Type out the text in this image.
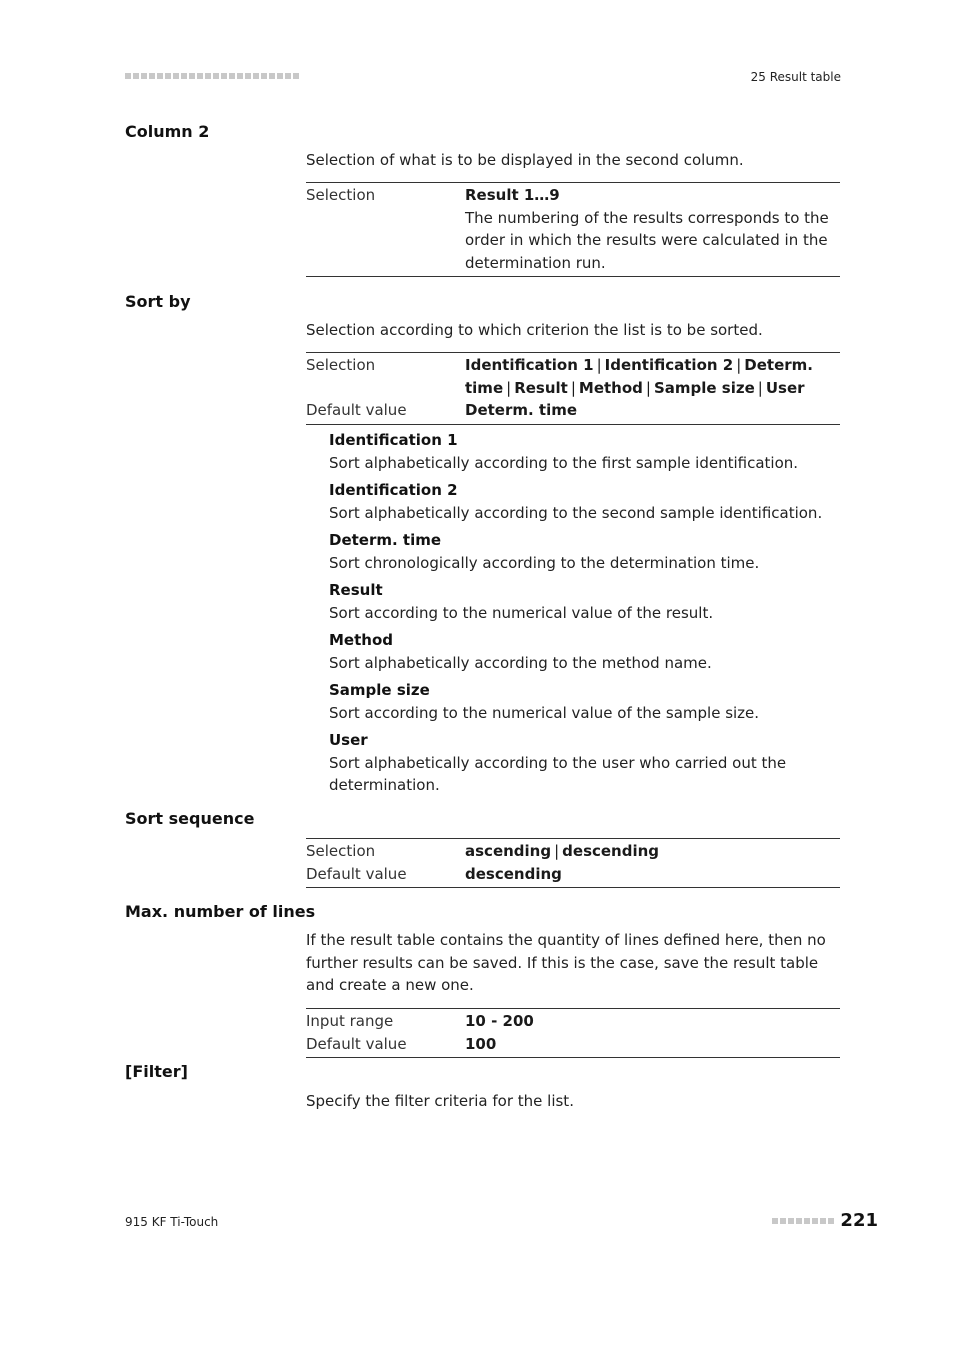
25 Result table
Column 2
Selection of what is to be displayed in the second column.
Selection	Result 1…9
The numbering of the results corresponds to the order in which the results were calculated in the determination run.
Sort by
Selection according to which criterion the list is to be sorted.
Selection	Identification 1 | Identification 2 | Determ. time | Result | Method | Sample size | User
Default value	Determ. time
Identification 1
Sort alphabetically according to the first sample identification.
Identification 2
Sort alphabetically according to the second sample identification.
Determ. time
Sort chronologically according to the determination time.
Result
Sort according to the numerical value of the result.
Method
Sort alphabetically according to the method name.
Sample size
Sort according to the numerical value of the sample size.
User
Sort alphabetically according to the user who carried out the determination.
Sort sequence
Selection	ascending | descending
Default value	descending
Max. number of lines
If the result table contains the quantity of lines defined here, then no further results can be saved. If this is the case, save the result table and create a new one.
Input range	10 - 200
Default value	100
[Filter]
Specify the filter criteria for the list.
915 KF Ti-Touch	221
